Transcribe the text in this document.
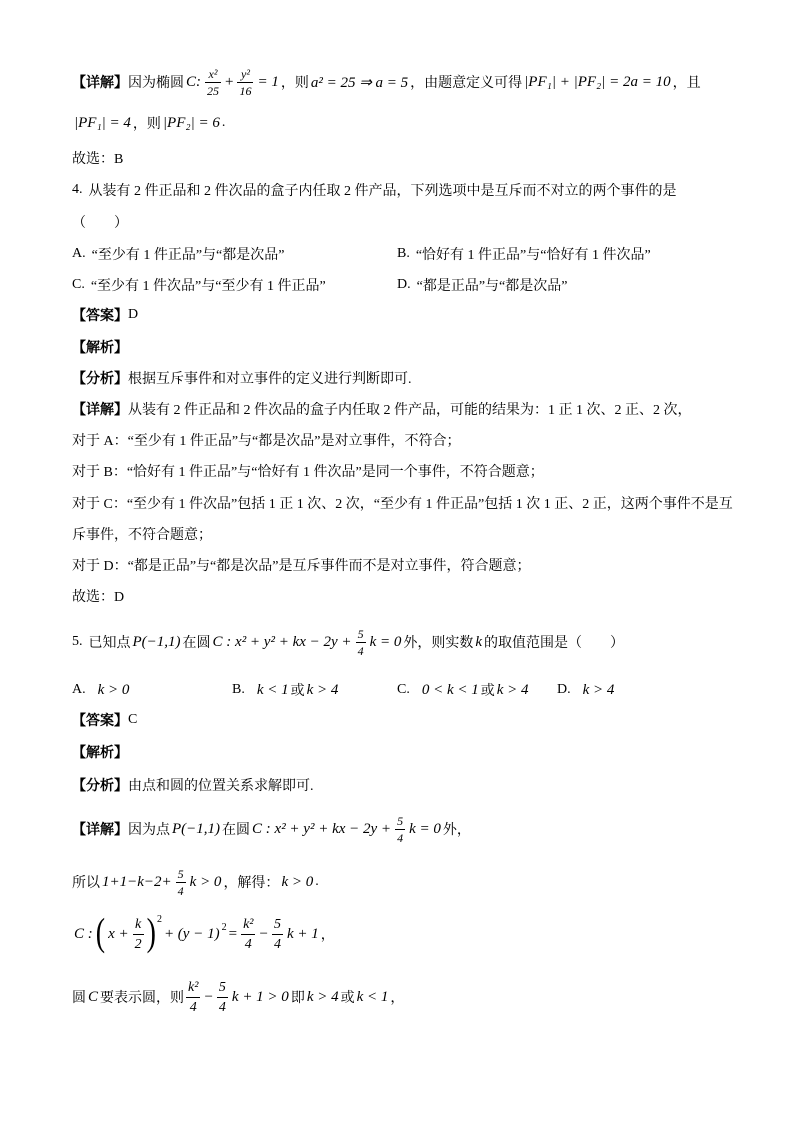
【详解】 因为椭圆 C: $\frac{\text{x²}}{25} + \frac{\text{y²}}{16} = 1$ ，则 a² = 25 ⇒ a = 5 ，由题意定义可得 |PF₁| + |PF₂| = 2a = 10 ，且
|PF₁| = 4 ，则 |PF₂| = 6 .
故选：B
4. 从装有 2 件正品和 2 件次品的盒子内任取 2 件产品，下列选项中是互斥而不对立的两个事件的是
（　　）
A. “至少有 1 件正品”与“都是次品”	B. “恰好有 1 件正品”与“恰好有 1 件次品”
C. “至少有 1 件次品”与“至少有 1 件正品”	D. “都是正品”与“都是次品”
【答案】 D
【解析】
【分析】 根据互斥事件和对立事件的定义进行判断即可.
【详解】 从装有 2 件正品和 2 件次品的盒子内任取 2 件产品，可能的结果为：1 正 1 次、2 正、2 次，
对于 A：“至少有 1 件正品”与“都是次品”是对立事件，不符合；
对于 B：“恰好有 1 件正品”与“恰好有 1 件次品”是同一个事件，不符合题意；
对于 C：“至少有 1 件次品”包括 1 正 1 次、2 次，“至少有 1 件正品”包括 1 次 1 正、2 正，这两个事件不是互
斥事件，不符合题意；
对于 D：“都是正品”与“都是次品”是互斥事件而不是对立事件，符合题意；
故选：D
5. 已知点 P(−1,1) 在圆 C : x² + y² + kx − $2y + \frac{5}{4}$ k = 0 外，则实数 k 的取值范围是（　　）
A. k > 0	B. k < 1 或 k > 4	C. 0 < k < 1 或 k > 4 D. k > 4
【答案】 C
【解析】
【分析】 由点和圆的位置关系求解即可.
【详解】 因为点 P(−1,1) 在圆 C : x² + y² + kx − $2y + \frac{5}{4}$ k = 0 外，
所以 $1+1-k-2+ \frac{5}{4}$ k > 0 ，解得： k > 0 .
C : ( $x + \frac{k}{2}$ ) 2
+ (y − 1) $2 = \frac{\text{k²}}{4} - \frac{5}{4}$ k + 1 ，
圆 C 要表示圆，则 $\frac{\text{k²}}{4} - \frac{5}{4}$ k + 1 > 0 即 k > 4 或 k < 1 ，
